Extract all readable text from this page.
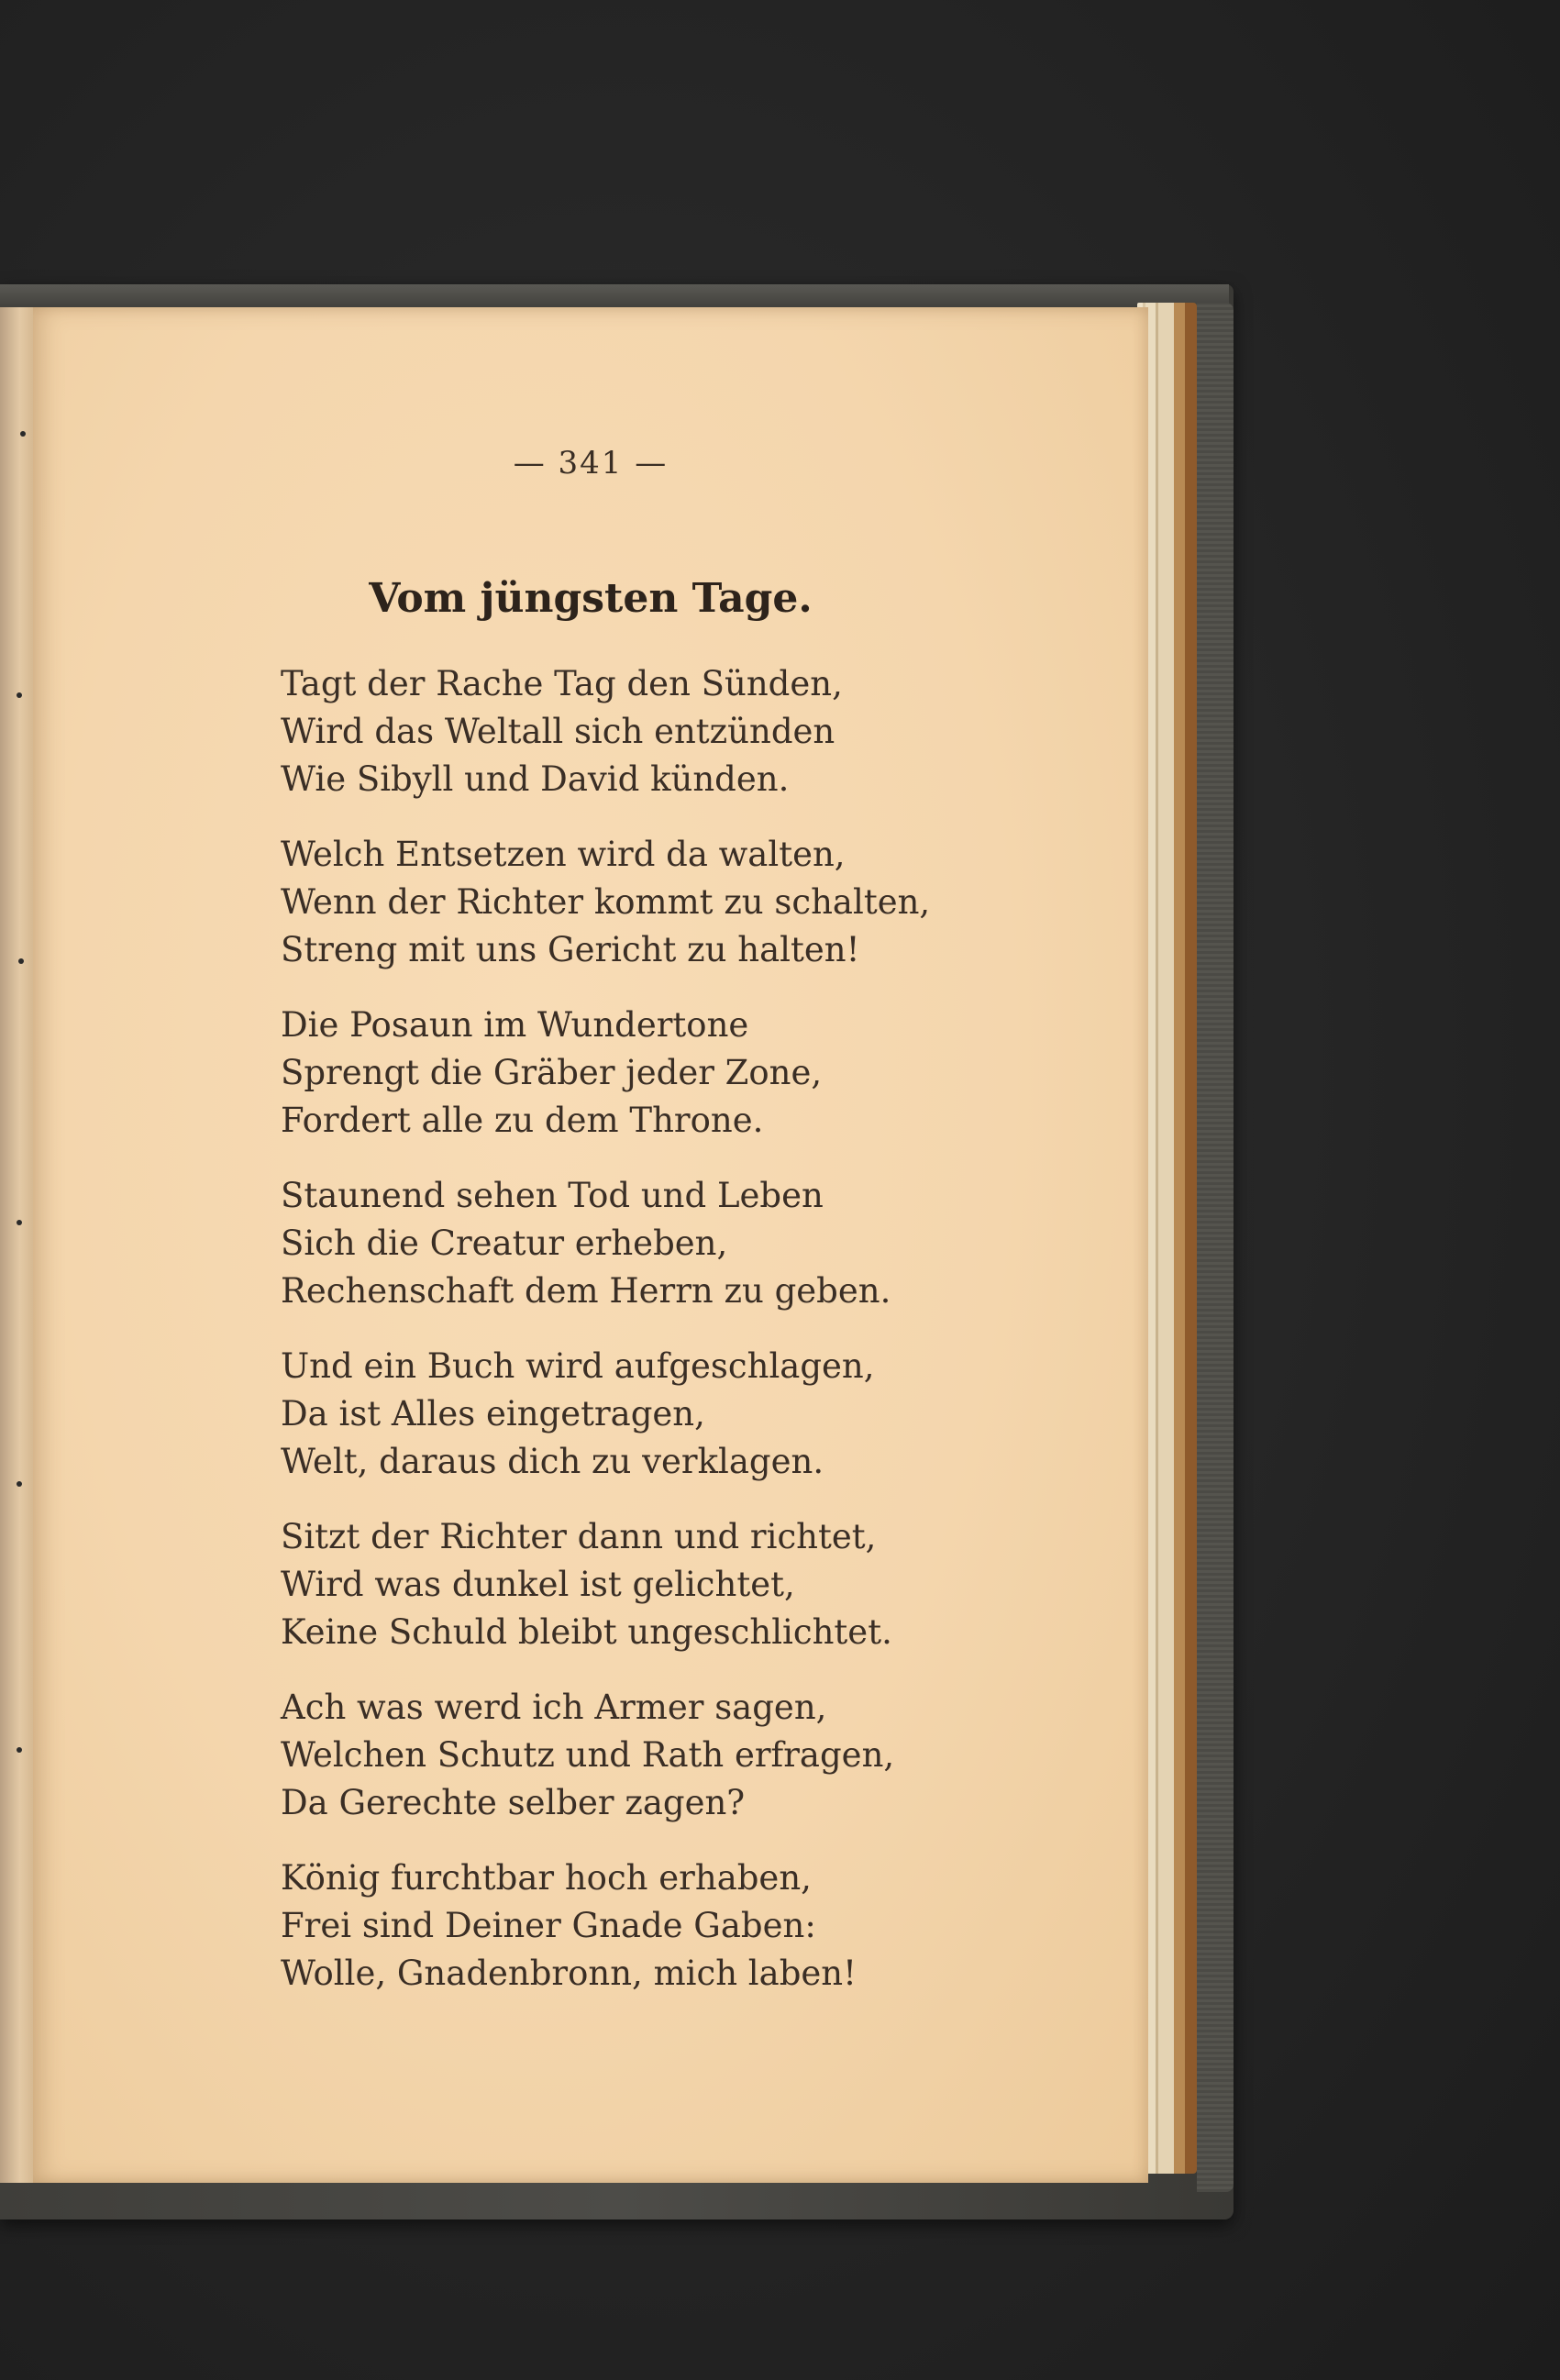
— 341 —
Vom jüngsten Tage.
Tagt der Rache Tag den Sünden,
Wird das Weltall sich entzünden
Wie Sibyll und David künden.
Welch Entsetzen wird da walten,
Wenn der Richter kommt zu schalten,
Streng mit uns Gericht zu halten!
Die Posaun im Wundertone
Sprengt die Gräber jeder Zone,
Fordert alle zu dem Throne.
Staunend sehen Tod und Leben
Sich die Creatur erheben,
Rechenschaft dem Herrn zu geben.
Und ein Buch wird aufgeschlagen,
Da ist Alles eingetragen,
Welt, daraus dich zu verklagen.
Sitzt der Richter dann und richtet,
Wird was dunkel ist gelichtet,
Keine Schuld bleibt ungeschlichtet.
Ach was werd ich Armer sagen,
Welchen Schutz und Rath erfragen,
Da Gerechte selber zagen?
König furchtbar hoch erhaben,
Frei sind Deiner Gnade Gaben:
Wolle, Gnadenbronn, mich laben!
